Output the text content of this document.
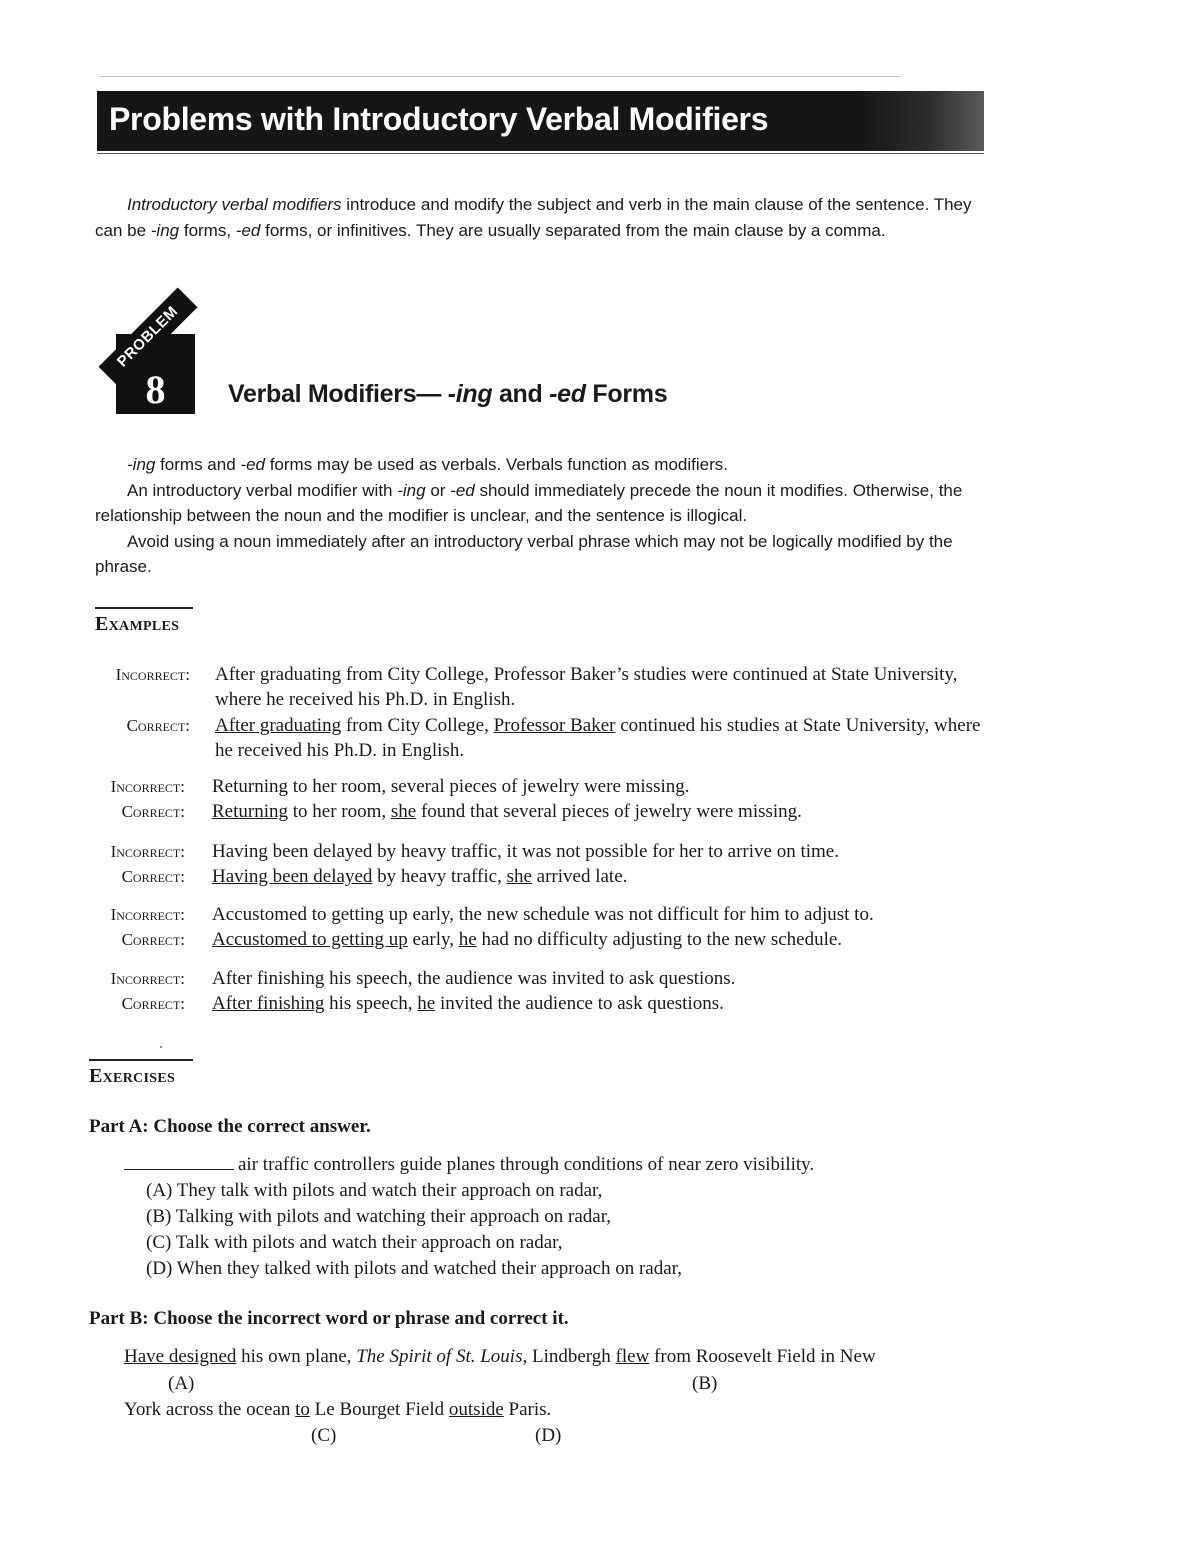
Problems with Introductory Verbal Modifiers

Introductory verbal modifiers introduce and modify the subject and verb in the main clause of the sentence. They can be -ing forms, -ed forms, or infinitives. They are usually separated from the main clause by a comma.

PROBLEM
8	Verbal Modifiers— -ing and -ed Forms

-ing forms and -ed forms may be used as verbals. Verbals function as modifiers.
An introductory verbal modifier with -ing or -ed should immediately precede the noun it modifies. Otherwise, the relationship between the noun and the modifier is unclear, and the sentence is illogical.
Avoid using a noun immediately after an introductory verbal phrase which may not be logically modified by the phrase.

Examples
Incorrect: After graduating from City College, Professor Baker’s studies were continued at State University, where he received his Ph.D. in English.
Correct: After graduating from City College, Professor Baker continued his studies at State University, where he received his Ph.D. in English.
Incorrect: Returning to her room, several pieces of jewelry were missing.
Correct: Returning to her room, she found that several pieces of jewelry were missing.
Incorrect: Having been delayed by heavy traffic, it was not possible for her to arrive on time.
Correct: Having been delayed by heavy traffic, she arrived late.
Incorrect: Accustomed to getting up early, the new schedule was not difficult for him to adjust to.
Correct: Accustomed to getting up early, he had no difficulty adjusting to the new schedule.
Incorrect: After finishing his speech, the audience was invited to ask questions.
Correct: After finishing his speech, he invited the audience to ask questions.
Exercises
Part A: Choose the correct answer.
air traffic controllers guide planes through conditions of near zero visibility.
(A) They talk with pilots and watch their approach on radar,
(B) Talking with pilots and watching their approach on radar,
(C) Talk with pilots and watch their approach on radar,
(D) When they talked with pilots and watched their approach on radar,
Part B: Choose the incorrect word or phrase and correct it.
Have designed his own plane, The Spirit of St. Louis, Lindbergh flew from Roosevelt Field in New
(A)	(B)
York across the ocean to Le Bourget Field outside Paris.
(C)	(D)
